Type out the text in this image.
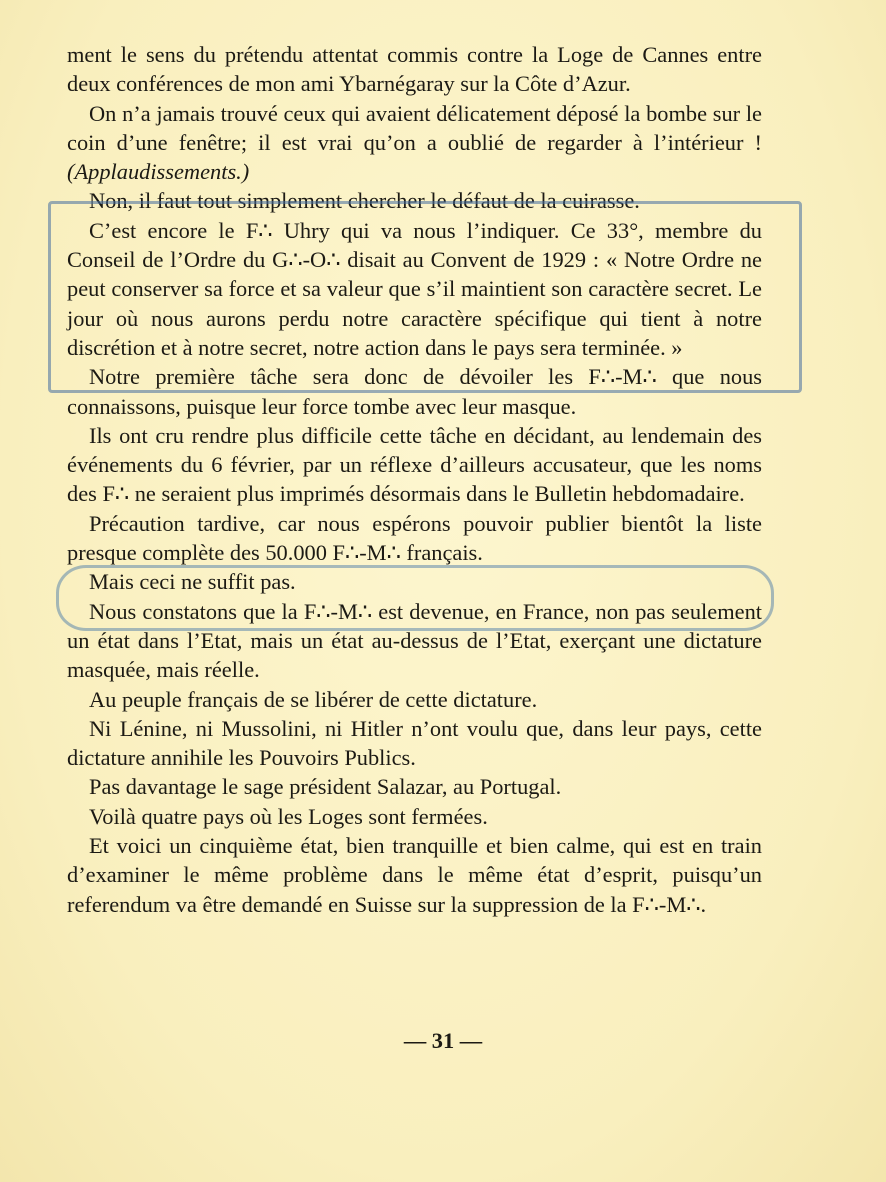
ment le sens du prétendu attentat commis contre la Loge de Cannes entre deux conférences de mon ami Ybarnégaray sur la Côte d’Azur.

On n’a jamais trouvé ceux qui avaient délicatement déposé la bombe sur le coin d’une fenêtre; il est vrai qu’on a oublié de regarder à l’intérieur ! (Applaudissements.)

Non, il faut tout simplement chercher le défaut de la cuirasse.

C’est encore le F∴ Uhry qui va nous l’indiquer. Ce 33°, membre du Conseil de l’Ordre du G∴-O∴ disait au Convent de 1929 : « Notre Ordre ne peut conserver sa force et sa valeur que s’il maintient son caractère secret. Le jour où nous aurons perdu notre caractère spécifique qui tient à notre discrétion et à notre secret, notre action dans le pays sera terminée. »

Notre première tâche sera donc de dévoiler les F∴-M∴ que nous connaissons, puisque leur force tombe avec leur masque.

Ils ont cru rendre plus difficile cette tâche en décidant, au lendemain des événements du 6 février, par un réflexe d’ailleurs accusateur, que les noms des F∴ ne seraient plus imprimés désormais dans le Bulletin hebdomadaire.

Précaution tardive, car nous espérons pouvoir publier bientôt la liste presque complète des 50.000 F∴-M∴ français.

Mais ceci ne suffit pas.

Nous constatons que la F∴-M∴ est devenue, en France, non pas seulement un état dans l’Etat, mais un état au-dessus de l’Etat, exerçant une dictature masquée, mais réelle.

Au peuple français de se libérer de cette dictature.

Ni Lénine, ni Mussolini, ni Hitler n’ont voulu que, dans leur pays, cette dictature annihile les Pouvoirs Publics.

Pas davantage le sage président Salazar, au Portugal.

Voilà quatre pays où les Loges sont fermées.

Et voici un cinquième état, bien tranquille et bien calme, qui est en train d’examiner le même problème dans le même état d’esprit, puisqu’un referendum va être demandé en Suisse sur la suppression de la F∴-M∴.

— 31 —
